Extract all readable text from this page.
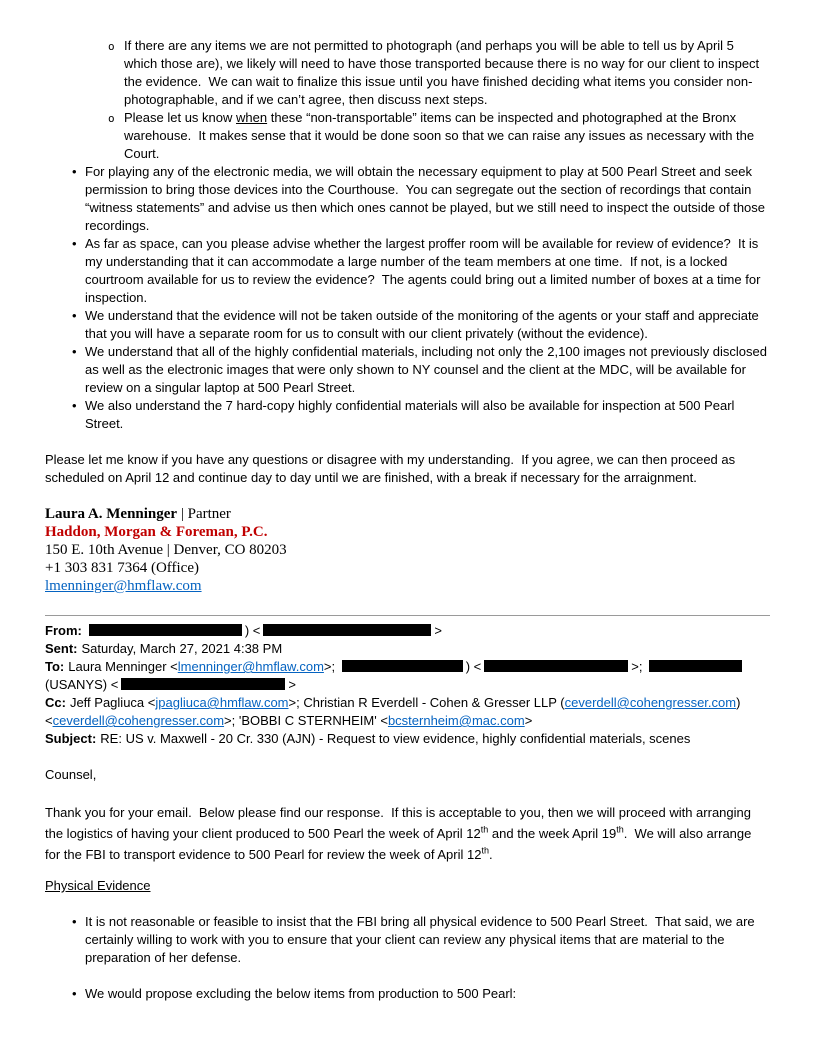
o If there are any items we are not permitted to photograph (and perhaps you will be able to tell us by April 5 which those are), we likely will need to have those transported because there is no way for our client to inspect the evidence.  We can wait to finalize this issue until you have finished deciding what items you consider non-photographable, and if we can’t agree, then discuss next steps.
o Please let us know when these “non-transportable” items can be inspected and photographed at the Bronx warehouse.  It makes sense that it would be done soon so that we can raise any issues as necessary with the Court.
• For playing any of the electronic media, we will obtain the necessary equipment to play at 500 Pearl Street and seek permission to bring those devices into the Courthouse.  You can segregate out the section of recordings that contain “witness statements” and advise us then which ones cannot be played, but we still need to inspect the outside of those recordings.
• As far as space, can you please advise whether the largest proffer room will be available for review of evidence?  It is my understanding that it can accommodate a large number of the team members at one time.  If not, is a locked courtroom available for us to review the evidence?  The agents could bring out a limited number of boxes at a time for inspection.
• We understand that the evidence will not be taken outside of the monitoring of the agents or your staff and appreciate that you will have a separate room for us to consult with our client privately (without the evidence).
• We understand that all of the highly confidential materials, including not only the 2,100 images not previously disclosed as well as the electronic images that were only shown to NY counsel and the client at the MDC, will be available for review on a singular laptop at 500 Pearl Street.
• We also understand the 7 hard-copy highly confidential materials will also be available for inspection at 500 Pearl Street.
Please let me know if you have any questions or disagree with my understanding.  If you agree, we can then proceed as scheduled on April 12 and continue day to day until we are finished, with a break if necessary for the arraignment.
Laura A. Menninger | Partner
Haddon, Morgan & Foreman, P.C.
150 E. 10th Avenue | Denver, CO 80203
+1 303 831 7364 (Office)
lmenninger@hmflaw.com
From:	) <	>
Sent: Saturday, March 27, 2021 4:38 PM
To: Laura Menninger <lmenninger@hmflaw.com>;	) <	>; (USANYS) <	>
Cc: Jeff Pagliuca <jpagliuca@hmflaw.com>; Christian R Everdell - Cohen & Gresser LLP (ceverdell@cohengresser.com) <ceverdell@cohengresser.com>; 'BOBBI C STERNHEIM' <bcsternheim@mac.com>
Subject: RE: US v. Maxwell - 20 Cr. 330 (AJN) - Request to view evidence, highly confidential materials, scenes
Counsel,
Thank you for your email.  Below please find our response.  If this is acceptable to you, then we will proceed with arranging the logistics of having your client produced to 500 Pearl the week of April 12th and the week April 19th.  We will also arrange for the FBI to transport evidence to 500 Pearl for review the week of April 12th.
Physical Evidence
• It is not reasonable or feasible to insist that the FBI bring all physical evidence to 500 Pearl Street.  That said, we are certainly willing to work with you to ensure that your client can review any physical items that are material to the preparation of her defense.
• We would propose excluding the below items from production to 500 Pearl:
